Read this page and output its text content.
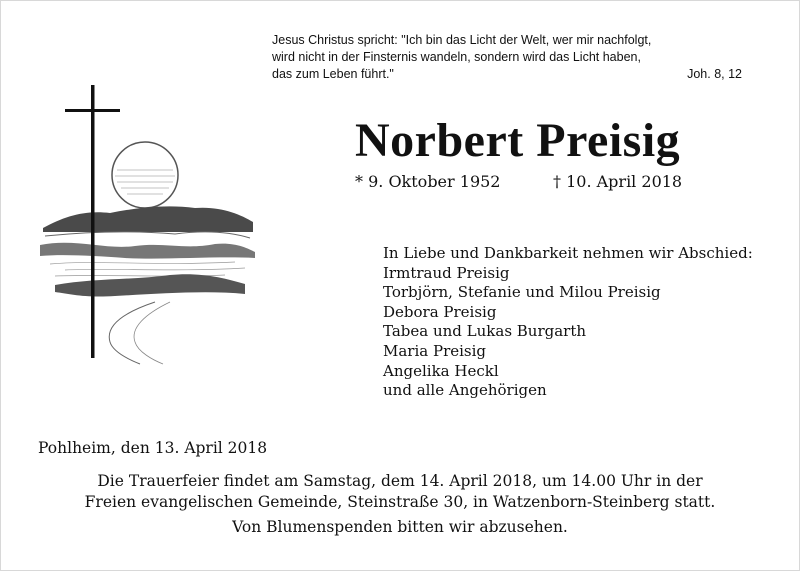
Jesus Christus spricht: "Ich bin das Licht der Welt, wer mir nachfolgt,
wird nicht in der Finsternis wandeln, sondern wird das Licht haben,
das zum Leben führt."	Joh. 8, 12
Norbert Preisig
* 9. Oktober 1952	† 10. April 2018
In Liebe und Dankbarkeit nehmen wir Abschied:
Irmtraud Preisig
Torbjörn, Stefanie und Milou Preisig
Debora Preisig
Tabea und Lukas Burgarth
Maria Preisig
Angelika Heckl
und alle Angehörigen
Pohlheim, den 13. April 2018
Die Trauerfeier findet am Samstag, dem 14. April 2018, um 14.00 Uhr in der
Freien evangelischen Gemeinde, Steinstraße 30, in Watzenborn-Steinberg statt.
Von Blumenspenden bitten wir abzusehen.
